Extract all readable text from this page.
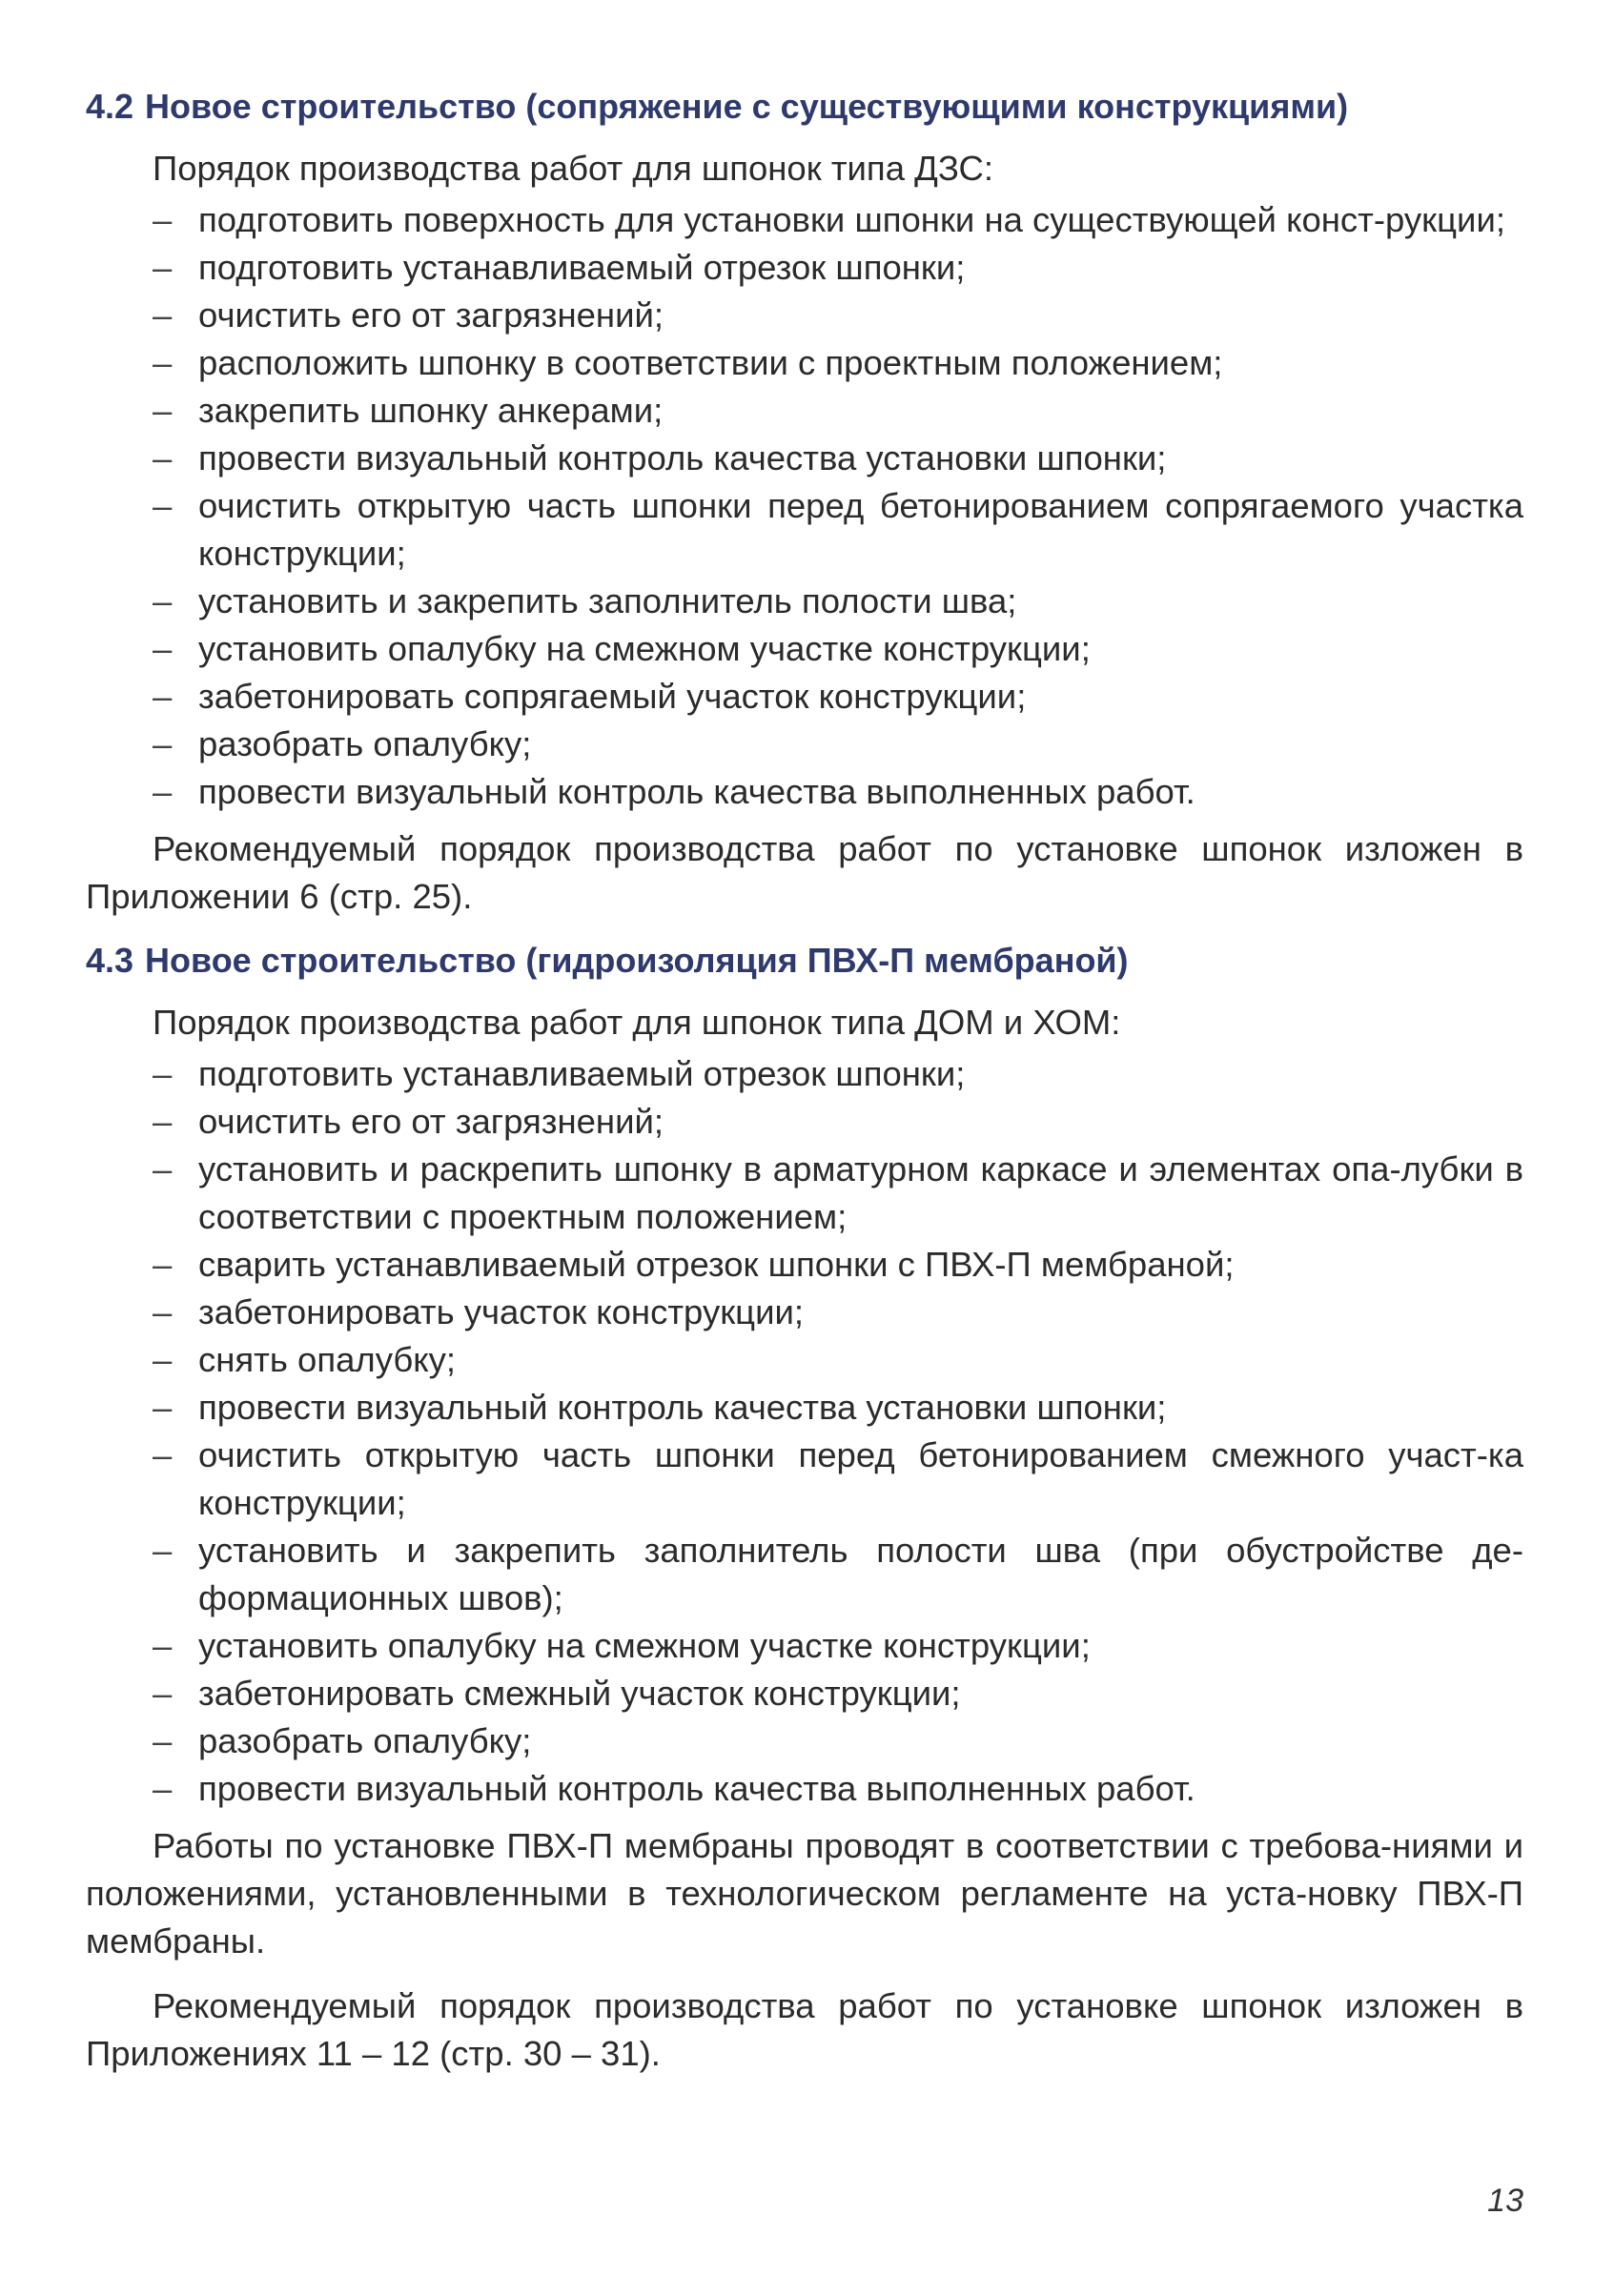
4.2 Новое строительство (сопряжение с существующими конструкциями)

Порядок производства работ для шпонок типа ДЗС:

– подготовить поверхность для установки шпонки на существующей конст-рукции;
– подготовить устанавливаемый отрезок шпонки;
– очистить его от загрязнений;
– расположить шпонку в соответствии с проектным положением;
– закрепить шпонку анкерами;
– провести визуальный контроль качества установки шпонки;
– очистить открытую часть шпонки перед бетонированием сопрягаемого участка конструкции;
– установить и закрепить заполнитель полости шва;
– установить опалубку на смежном участке конструкции;
– забетонировать сопрягаемый участок конструкции;
– разобрать опалубку;
– провести визуальный контроль качества выполненных работ.

Рекомендуемый порядок производства работ по установке шпонок изложен в Приложении 6 (стр. 25).

4.3 Новое строительство (гидроизоляция ПВХ-П мембраной)

Порядок производства работ для шпонок типа ДОМ и ХОМ:

– подготовить устанавливаемый отрезок шпонки;
– очистить его от загрязнений;
– установить и раскрепить шпонку в арматурном каркасе и элементах опа-лубки в соответствии с проектным положением;
– сварить устанавливаемый отрезок шпонки с ПВХ-П мембраной;
– забетонировать участок конструкции;
– снять опалубку;
– провести визуальный контроль качества установки шпонки;
– очистить открытую часть шпонки перед бетонированием смежного участ-ка конструкции;
– установить и закрепить заполнитель полости шва (при обустройстве де-формационных швов);
– установить опалубку на смежном участке конструкции;
– забетонировать смежный участок конструкции;
– разобрать опалубку;
– провести визуальный контроль качества выполненных работ.

Работы по установке ПВХ-П мембраны проводят в соответствии с требова-ниями и положениями, установленными в технологическом регламенте на уста-новку ПВХ-П мембраны.

Рекомендуемый порядок производства работ по установке шпонок изложен в Приложениях 11 – 12 (стр. 30 – 31).

13
